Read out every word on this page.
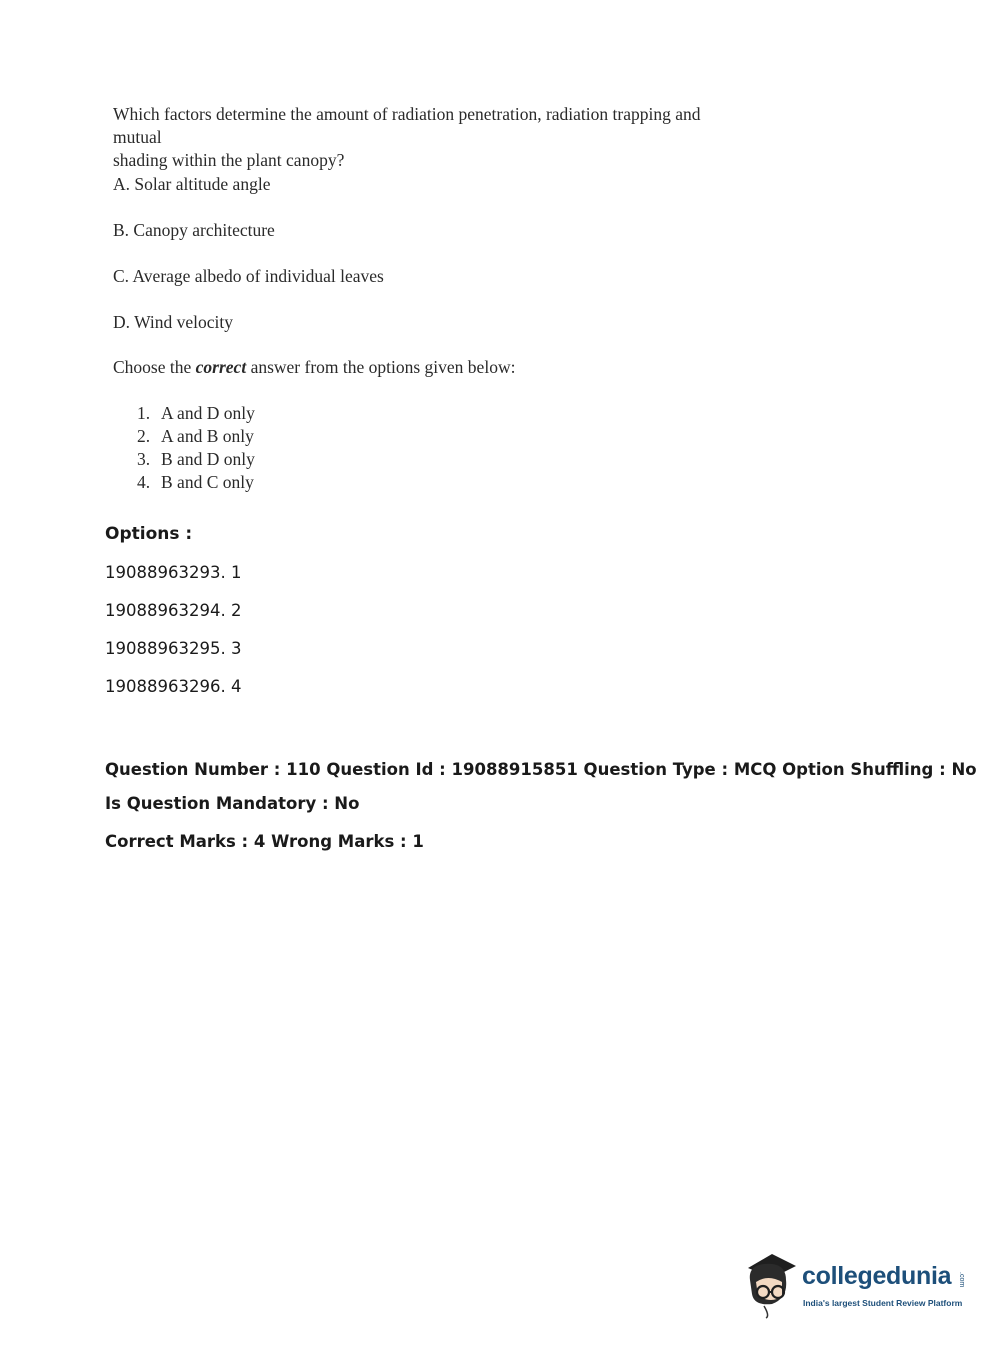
Which factors determine the amount of radiation penetration, radiation trapping and mutual

shading within the plant canopy?

A. Solar altitude angle

B. Canopy architecture

C. Average albedo of individual leaves

D. Wind velocity

Choose the correct answer from the options given below:

1. A and D only
2. A and B only
3. B and D only
4. B and C only

Options :

19088963293. 1

19088963294. 2

19088963295. 3

19088963296. 4

Question Number : 110 Question Id : 19088915851 Question Type : MCQ Option Shuffling : No

Is Question Mandatory : No

Correct Marks : 4 Wrong Marks : 1

collegedunia .com
India's largest Student Review Platform
